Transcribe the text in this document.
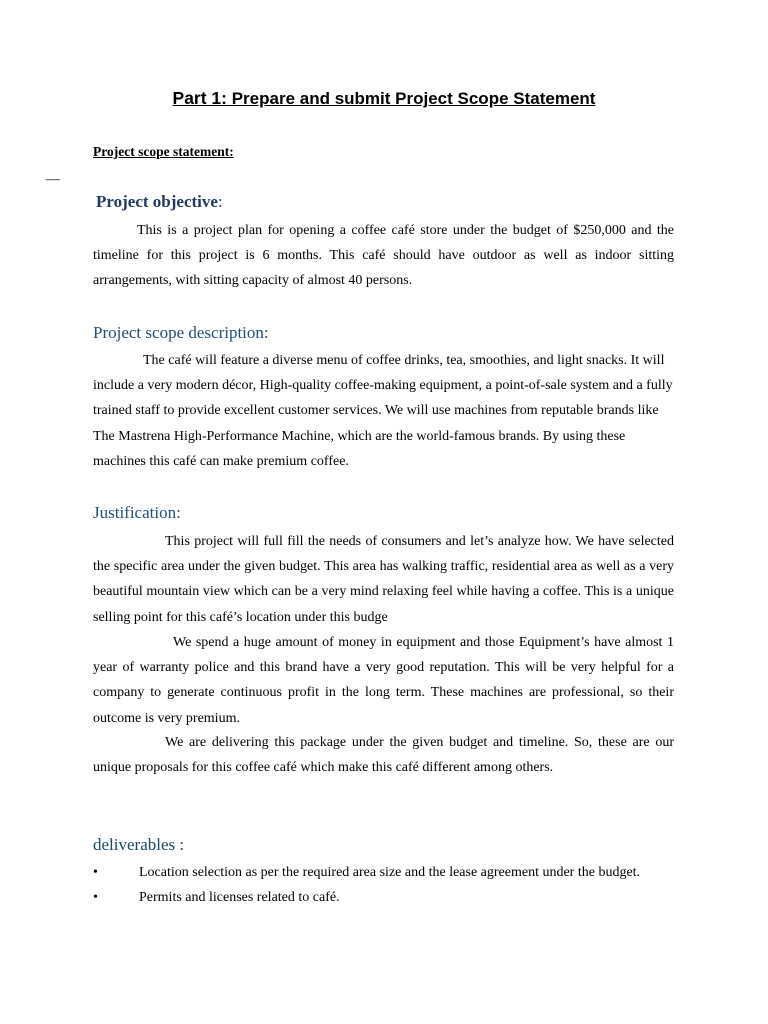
Part 1: Prepare and submit Project Scope Statement
Project scope statement:
—
Project objective:

This is a project plan for opening a coffee café store under the budget of $250,000 and the timeline for this project is 6 months. This café should have outdoor as well as indoor sitting arrangements, with sitting capacity of almost 40 persons.

Project scope description:

The café will feature a diverse menu of coffee drinks, tea, smoothies, and light snacks. It will include a very modern décor, High-quality coffee-making equipment, a point-of-sale system and a fully trained staff to provide excellent customer services. We will use machines from reputable brands like The Mastrena High-Performance Machine, which are the world-famous brands. By using these machines this café can make premium coffee.

Justification:

This project will full fill the needs of consumers and let’s analyze how. We have selected the specific area under the given budget. This area has walking traffic, residential area as well as a very beautiful mountain view which can be a very mind relaxing feel while having a coffee. This is a unique selling point for this café’s location under this budge

We spend a huge amount of money in equipment and those Equipment’s have almost 1 year of warranty police and this brand have a very good reputation. This will be very helpful for a company to generate continuous profit in the long term. These machines are professional, so their outcome is very premium.

We are delivering this package under the given budget and timeline. So, these are our unique proposals for this coffee café which make this café different among others.

deliverables :
•	Location selection as per the required area size and the lease agreement under the budget.
•	Permits and licenses related to café.
